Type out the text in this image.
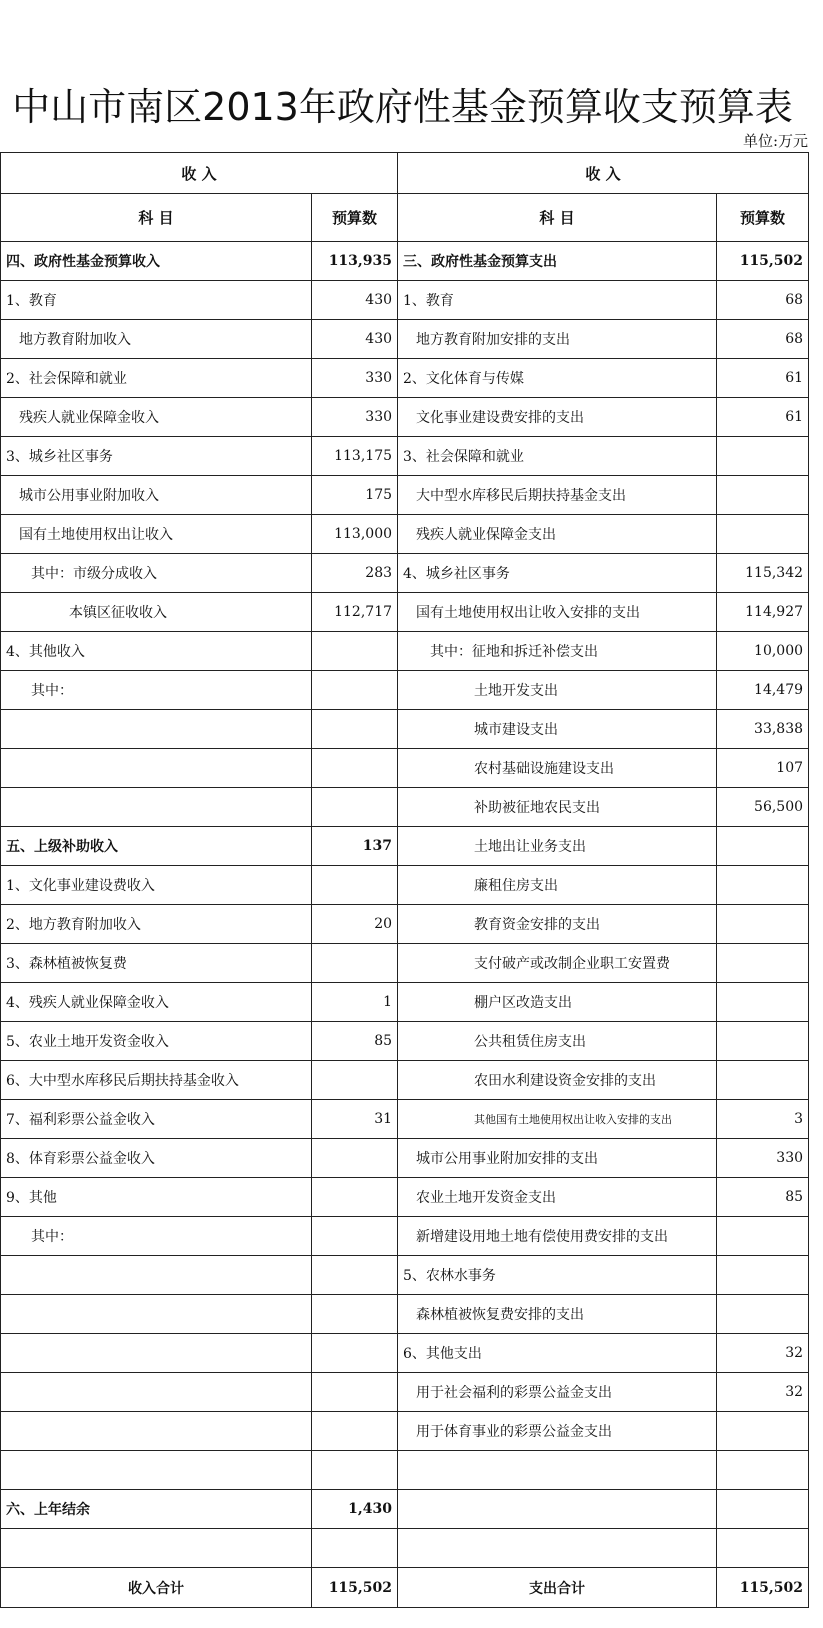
中山市南区2013年政府性基金预算收支预算表
单位:万元
收 入		收 入	
科 目	预算数	科 目	预算数
四、政府性基金预算收入	113,935	三、政府性基金预算支出	115,502
1、教育	430	1、教育	68
地方教育附加收入	430	地方教育附加安排的支出	68
2、社会保障和就业	330	2、文化体育与传媒	61
残疾人就业保障金收入	330	文化事业建设费安排的支出	61
3、城乡社区事务	113,175	3、社会保障和就业	
城市公用事业附加收入	175	大中型水库移民后期扶持基金支出	
国有土地使用权出让收入	113,000	残疾人就业保障金支出	
其中：市级分成收入	283	4、城乡社区事务	115,342
本镇区征收收入	112,717	国有土地使用权出让收入安排的支出	114,927
4、其他收入		其中：征地和拆迁补偿支出	10,000
其中：		土地开发支出	14,479
		城市建设支出	33,838
		农村基础设施建设支出	107
		补助被征地农民支出	56,500
五、上级补助收入	137	土地出让业务支出	
1、文化事业建设费收入		廉租住房支出	
2、地方教育附加收入	20	教育资金安排的支出	
3、森林植被恢复费		支付破产或改制企业职工安置费	
4、残疾人就业保障金收入	1	棚户区改造支出	
5、农业土地开发资金收入	85	公共租赁住房支出	
6、大中型水库移民后期扶持基金收入		农田水利建设资金安排的支出	
7、福利彩票公益金收入	31	其他国有土地使用权出让收入安排的支出	3
8、体育彩票公益金收入		城市公用事业附加安排的支出	330
9、其他		农业土地开发资金支出	85
其中：		新增建设用地土地有偿使用费安排的支出	
		5、农林水事务	
		森林植被恢复费安排的支出	
		6、其他支出	32
		用于社会福利的彩票公益金支出	32
		用于体育事业的彩票公益金支出	

六、上年结余	1,430		

收入合计	115,502	支出合计	115,502
